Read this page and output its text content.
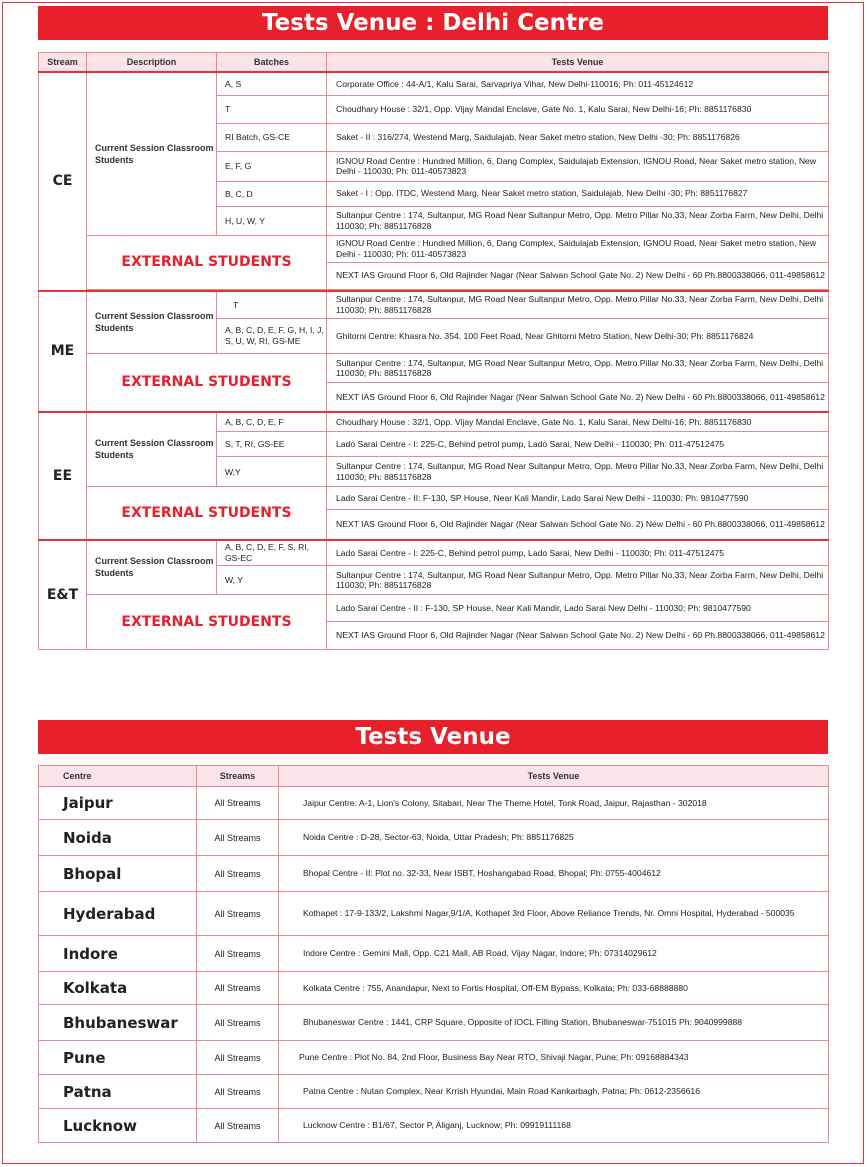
Tests Venue : Delhi Centre
Stream	Description	Batches	Tests Venue
CE	Current Session Classroom Students	A, S	Corporate Office : 44-A/1, Kalu Sarai, Sarvapriya Vihar, New Delhi-110016; Ph: 011-45124612
		T	Choudhary House : 32/1, Opp. Vijay Mandal Enclave, Gate No. 1, Kalu Sarai, New Delhi-16; Ph: 8851176830
		RI Batch, GS-CE	Saket - II : 316/274, Westend Marg, Saidulajab, Near Saket metro station, New Delhi -30; Ph: 8851176826
		E, F, G	IGNOU Road Centre : Hundred Million, 6, Dang Complex, Saidulajab Extension, IGNOU Road, Near Saket metro station, New Delhi - 110030; Ph: 011-40573823
		B, C, D	Saket - I : Opp. ITDC, Westend Marg, Near Saket metro station, Saidulajab, New Delhi -30; Ph: 8851176827
		H, U, W, Y	Sultanpur Centre : 174, Sultanpur, MG Road Near Sultanpur Metro, Opp. Metro Pillar No.33, Near Zorba Farm, New Delhi, Delhi 110030; Ph: 8851176828
	EXTERNAL STUDENTS		IGNOU Road Centre : Hundred Million, 6, Dang Complex, Saidulajab Extension, IGNOU Road, Near Saket metro station, New Delhi - 110030; Ph: 011-40573823
			NEXT IAS Ground Floor 6, Old Rajinder Nagar (Near Salwan School Gate No. 2) New Delhi - 60 Ph.8800338066, 011-49858612

ME	Current Session Classroom Students	T	Sultanpur Centre : 174, Sultanpur, MG Road Near Sultanpur Metro, Opp. Metro Pillar No.33, Near Zorba Farm, New Delhi, Delhi 110030; Ph: 8851176828
		A, B, C, D, E, F, G, H, I, J, S, U, W, RI, GS-ME	Ghitorni Centre: Khasra No. 354, 100 Feet Road, Near Ghitorni Metro Station, New Delhi-30; Ph: 8851176824
	EXTERNAL STUDENTS		Sultanpur Centre : 174, Sultanpur, MG Road Near Sultanpur Metro, Opp. Metro Pillar No.33, Near Zorba Farm, New Delhi, Delhi 110030; Ph: 8851176828
			NEXT IAS Ground Floor 6, Old Rajinder Nagar (Near Salwan School Gate No. 2) New Delhi - 60 Ph.8800338066, 011-49858612
EE	Current Session Classroom Students	A, B, C, D, E, F	Choudhary House : 32/1, Opp. Vijay Mandal Enclave, Gate No. 1, Kalu Sarai, New Delhi-16; Ph: 8851176830
		S, T, RI, GS-EE	Lado Sarai Centre - I: 225-C, Behind petrol pump, Lado Sarai, New Delhi - 110030; Ph: 011-47512475
		W,Y	Sultanpur Centre : 174, Sultanpur, MG Road Near Sultanpur Metro, Opp. Metro Pillar No.33, Near Zorba Farm, New Delhi, Delhi 110030; Ph: 8851176828
	EXTERNAL STUDENTS		Lado Sarai Centre - II: F-130, SP House, Near Kali Mandir, Lado Sarai New Delhi - 110030; Ph: 9810477590
			NEXT IAS Ground Floor 6, Old Rajinder Nagar (Near Salwan School Gate No. 2) New Delhi - 60 Ph.8800338066, 011-49858612
E&T	Current Session Classroom Students	A, B, C, D, E, F, S, RI, GS-EC	Lado Sarai Centre - I: 225-C, Behind petrol pump, Lado Sarai, New Delhi - 110030; Ph: 011-47512475
		W, Y	Sultanpur Centre : 174, Sultanpur, MG Road Near Sultanpur Metro, Opp. Metro Pillar No.33, Near Zorba Farm, New Delhi, Delhi 110030; Ph: 8851176828
	EXTERNAL STUDENTS		Lado Sarai Centre - II : F-130, SP House, Near Kali Mandir, Lado Sarai New Delhi - 110030; Ph: 9810477590
			NEXT IAS Ground Floor 6, Old Rajinder Nagar (Near Salwan School Gate No. 2) New Delhi - 60 Ph.8800338066, 011-49858612
Tests Venue
Centre	Streams	Tests Venue
Jaipur	All Streams	Jaipur Centre: A-1, Lion's Colony, Sitabari, Near The Theme Hotel, Tonk Road, Jaipur, Rajasthan - 302018
Noida	All Streams	Noida Centre : D-28, Sector-63, Noida, Uttar Pradesh; Ph: 8851176825
Bhopal	All Streams	Bhopal Centre - II: Plot no. 32-33, Near ISBT, Hoshangabad Road, Bhopal; Ph: 0755-4004612
Hyderabad	All Streams	Kothapet : 17-9-133/2, Lakshmi Nagar,9/1/A, Kothapet 3rd Floor, Above Reliance Trends, Nr. Omni Hospital, Hyderabad - 500035
Indore	All Streams	Indore Centre : Gemini Mall, Opp. C21 Mall, AB Road, Vijay Nagar, Indore; Ph: 07314029612
Kolkata	All Streams	Kolkata Centre : 755, Anandapur, Next to Fortis Hospital, Off-EM Bypass, Kolkata; Ph: 033-68888880
Bhubaneswar	All Streams	Bhubaneswar Centre : 1441, CRP Square, Opposite of IOCL Filling Station, Bhubaneswar-751015 Ph: 9040999888
Pune	All Streams	Pune Centre : Plot No. 84, 2nd Floor, Business Bay Near RTO, Shivaji Nagar, Pune; Ph: 09168884343
Patna	All Streams	Patna Centre : Nutan Complex, Near Krrish Hyundai, Main Road Kankarbagh, Patna; Ph: 0612-2356616
Lucknow	All Streams	Lucknow Centre : B1/67, Sector P, Aliganj, Lucknow; Ph: 09919111168
